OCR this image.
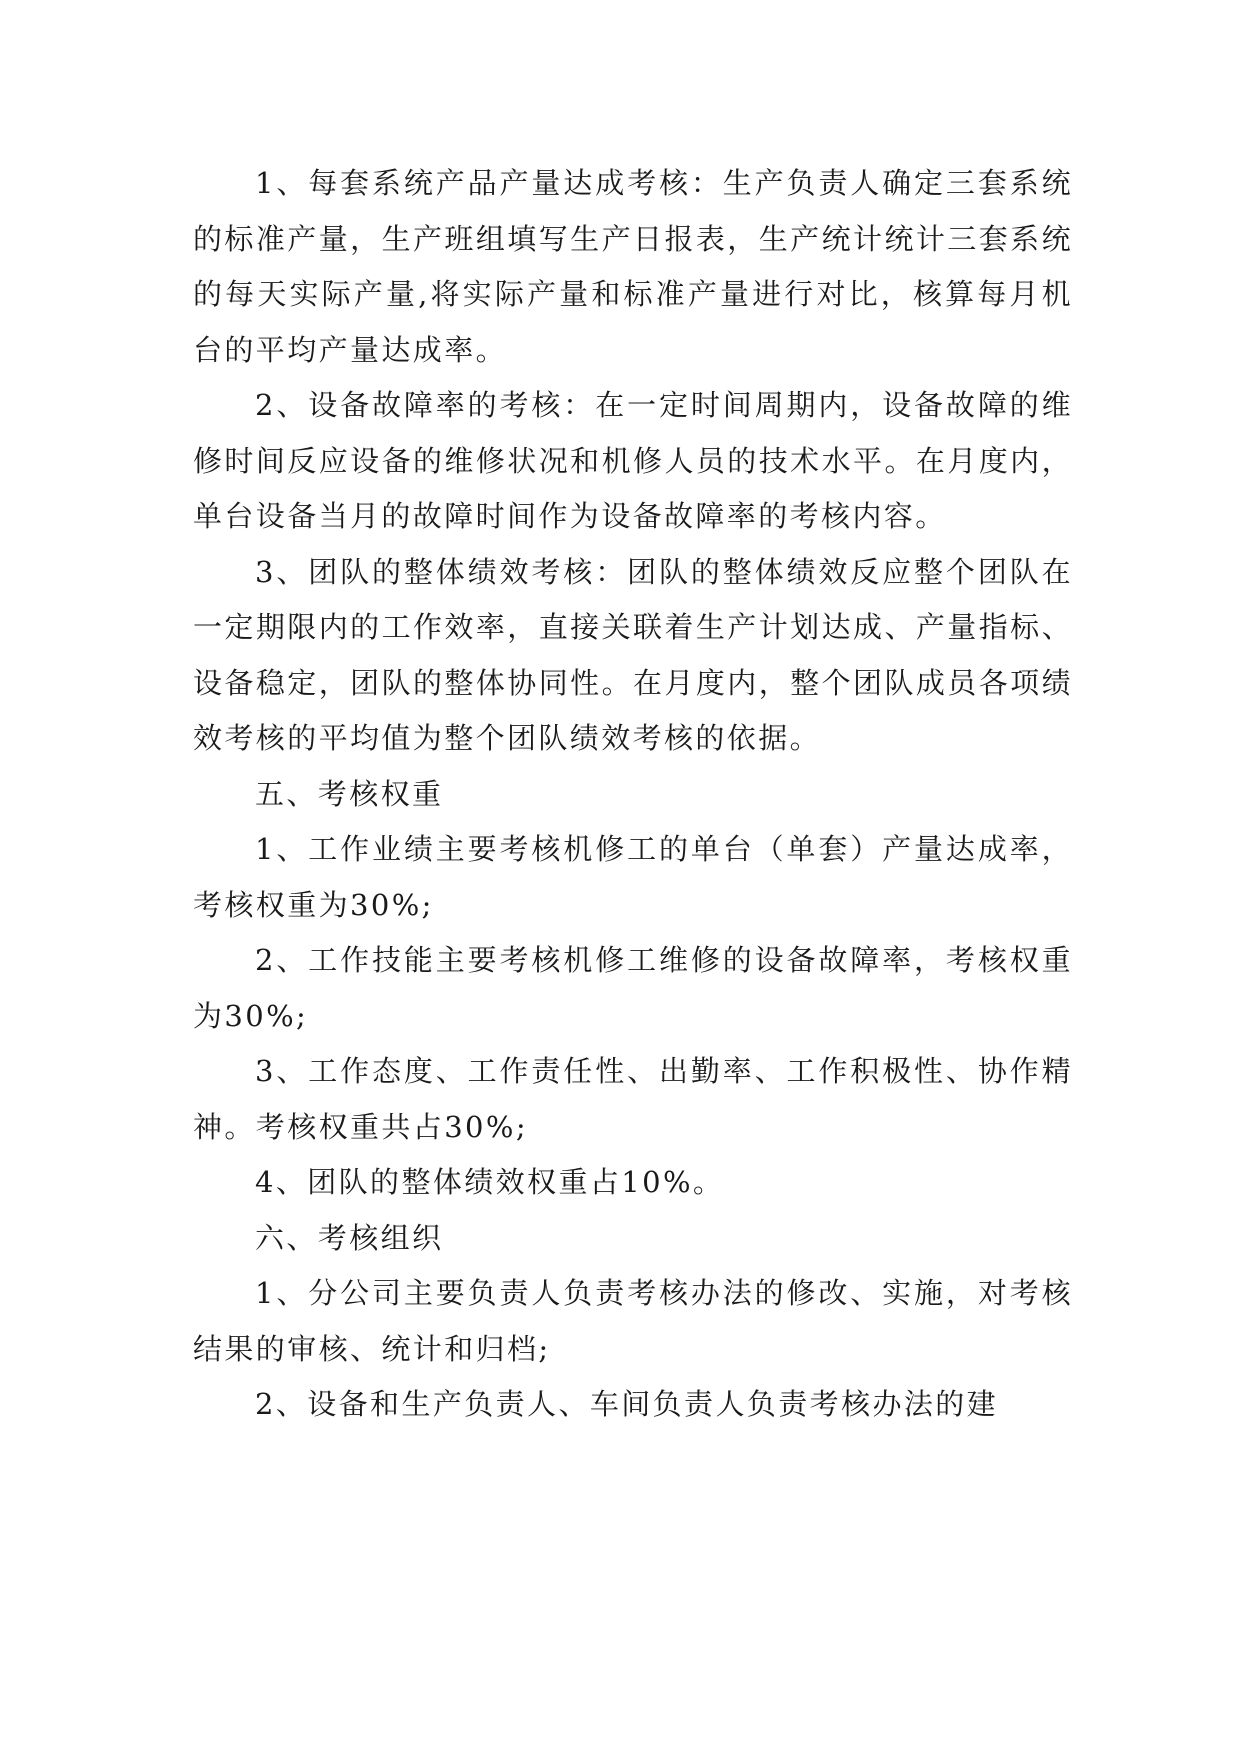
1、每套系统产品产量达成考核：生产负责人确定三套系统的标准产量，生产班组填写生产日报表，生产统计统计三套系统的每天实际产量,将实际产量和标准产量进行对比，核算每月机台的平均产量达成率。

2、设备故障率的考核：在一定时间周期内，设备故障的维修时间反应设备的维修状况和机修人员的技术水平。在月度内，单台设备当月的故障时间作为设备故障率的考核内容。

3、团队的整体绩效考核：团队的整体绩效反应整个团队在一定期限内的工作效率，直接关联着生产计划达成、产量指标、设备稳定，团队的整体协同性。在月度内，整个团队成员各项绩效考核的平均值为整个团队绩效考核的依据。

五、考核权重

1、工作业绩主要考核机修工的单台（单套）产量达成率，考核权重为30%;

2、工作技能主要考核机修工维修的设备故障率，考核权重为30%;

3、工作态度、工作责任性、出勤率、工作积极性、协作精神。考核权重共占30%;

4、团队的整体绩效权重占10%。

六、考核组织

1、分公司主要负责人负责考核办法的修改、实施，对考核结果的审核、统计和归档;

2、设备和生产负责人、车间负责人负责考核办法的建
